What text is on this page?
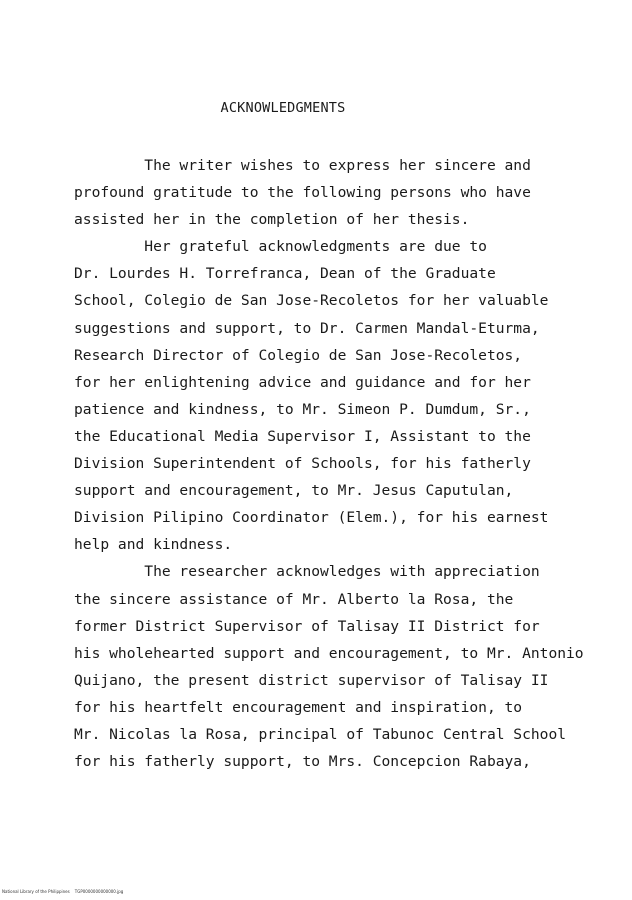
ACKNOWLEDGMENTS
The writer wishes to express her sincere and
profound gratitude to the following persons who have
assisted her in the completion of her thesis.
Her grateful acknowledgments are due to
Dr. Lourdes H. Torrefranca, Dean of the Graduate
School, Colegio de San Jose-Recoletos for her valuable
suggestions and support, to Dr. Carmen Mandal-Eturma,
Research Director of Colegio de San Jose-Recoletos,
for her enlightening advice and guidance and for her
patience and kindness, to Mr. Simeon P. Dumdum, Sr.,
the Educational Media Supervisor I, Assistant to the
Division Superintendent of Schools, for his fatherly
support and encouragement, to Mr. Jesus Caputulan,
Division Pilipino Coordinator (Elem.), for his earnest
help and kindness.
The researcher acknowledges with appreciation
the sincere assistance of Mr. Alberto la Rosa, the
former District Supervisor of Talisay II District for
his wholehearted support and encouragement, to Mr. Antonio
Quijano, the present district supervisor of Talisay II
for his heartfelt encouragement and inspiration, to
Mr. Nicolas la Rosa, principal of Tabunoc Central School
for his fatherly support, to Mrs. Concepcion Rabaya,
National Library of the Philippines    TGP0000000000000.jpg
